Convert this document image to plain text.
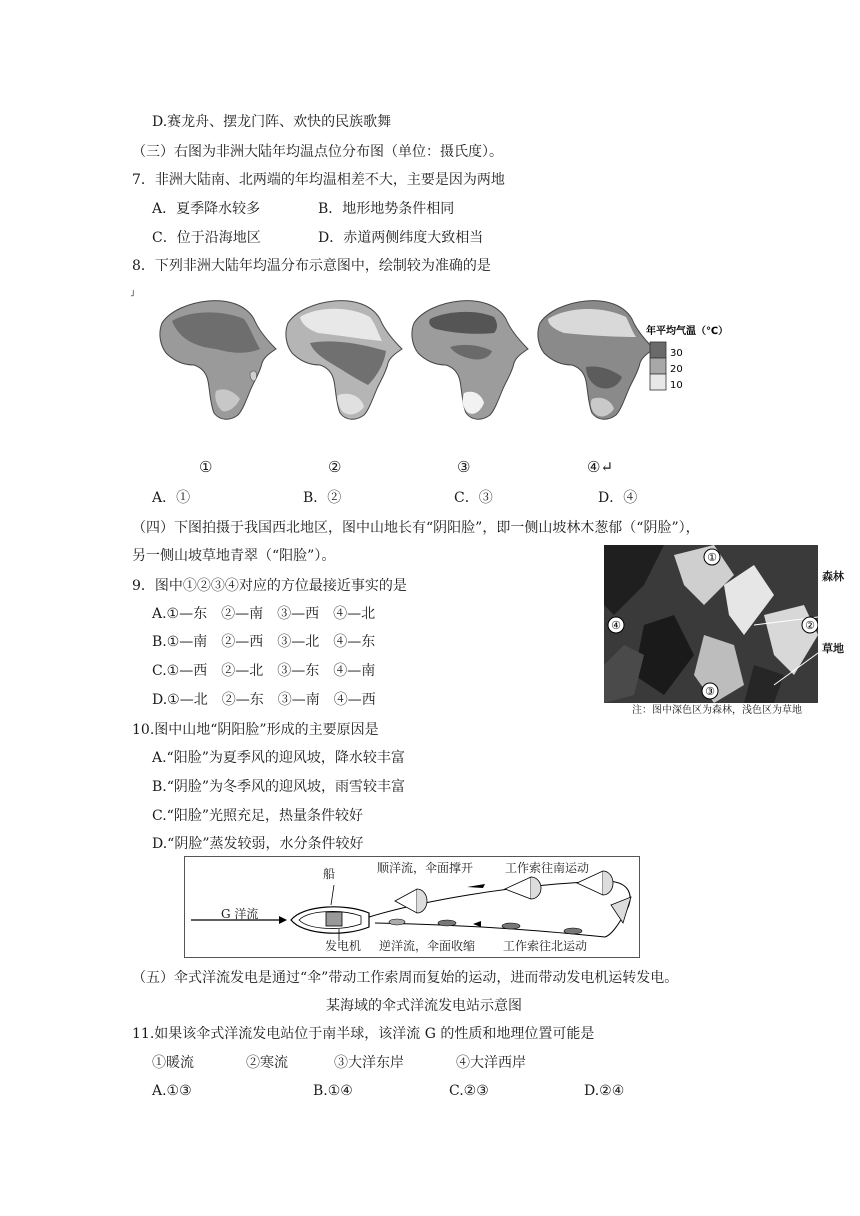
D.赛龙舟、摆龙门阵、欢快的民族歌舞
（三）右图为非洲大陆年均温点位分布图（单位：摄氏度）。
7．非洲大陆南、北两端的年均温相差不大，主要是因为两地
A．夏季降水较多	B．地形地势条件相同
C．位于沿海地区	D．赤道两侧纬度大致相当
8．下列非洲大陆年均温分布示意图中，绘制较为准确的是
˩
年平均气温（℃）
30
20
10
①	②	③	④↵
A．①	B．②	C．③	D．④
（四）下图拍摄于我国西北地区，图中山地长有“阴阳脸”，即一侧山坡林木葱郁（“阴脸”），
另一侧山坡草地青翠（“阳脸”）。	①
②
③
④
森林
草地
注：图中深色区为森林，浅色区为草地
9．图中①②③④对应的方位最接近事实的是
A.①—东　②—南　③—西　④—北
B.①—南　②—西　③—北　④—东
C.①—西　②—北　③—东　④—南
D.①—北　②—东　③—南　④—西
10.图中山地“阴阳脸”形成的主要原因是
A.“阳脸”为夏季风的迎风坡，降水较丰富
B.“阴脸”为冬季风的迎风坡，雨雪较丰富
C.“阳脸”光照充足，热量条件较好
D.“阴脸”蒸发较弱，水分条件较好
G 洋流
船
发电机
顺洋流，伞面撑开	工作索往南运动
逆洋流，伞面收缩 工作索往北运动
（五）伞式洋流发电是通过“伞”带动工作索周而复始的运动，进而带动发电机运转发电。
某海域的伞式洋流发电站示意图
11.如果该伞式洋流发电站位于南半球，该洋流 G 的性质和地理位置可能是
①暖流	②寒流	③大洋东岸	④大洋西岸
A.①③	B.①④	C.②③	D.②④
